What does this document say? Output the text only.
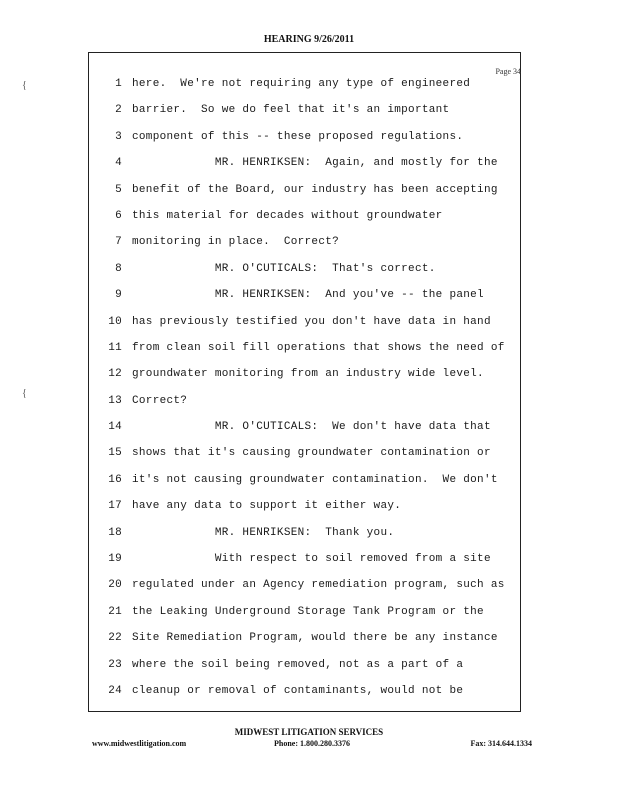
HEARING 9/26/2011
Page 34
{
{
1 here.  We're not requiring any type of engineered
2 barrier.  So we do feel that it's an important
3 component of this -- these proposed regulations.
4 MR. HENRIKSEN:  Again, and mostly for the
5 benefit of the Board, our industry has been accepting
6 this material for decades without groundwater
7 monitoring in place.  Correct?
8 MR. O'CUTICALS:  That's correct.
9 MR. HENRIKSEN:  And you've -- the panel
10 has previously testified you don't have data in hand
11 from clean soil fill operations that shows the need of
12 groundwater monitoring from an industry wide level.
13 Correct?
14 MR. O'CUTICALS:  We don't have data that
15 shows that it's causing groundwater contamination or
16 it's not causing groundwater contamination.  We don't
17 have any data to support it either way.
18 MR. HENRIKSEN:  Thank you.
19 With respect to soil removed from a site
20 regulated under an Agency remediation program, such as
21 the Leaking Underground Storage Tank Program or the
22 Site Remediation Program, would there be any instance
23 where the soil being removed, not as a part of a
24 cleanup or removal of contaminants, would not be
MIDWEST LITIGATION SERVICES
www.midwestlitigation.com	Phone: 1.800.280.3376	Fax: 314.644.1334
